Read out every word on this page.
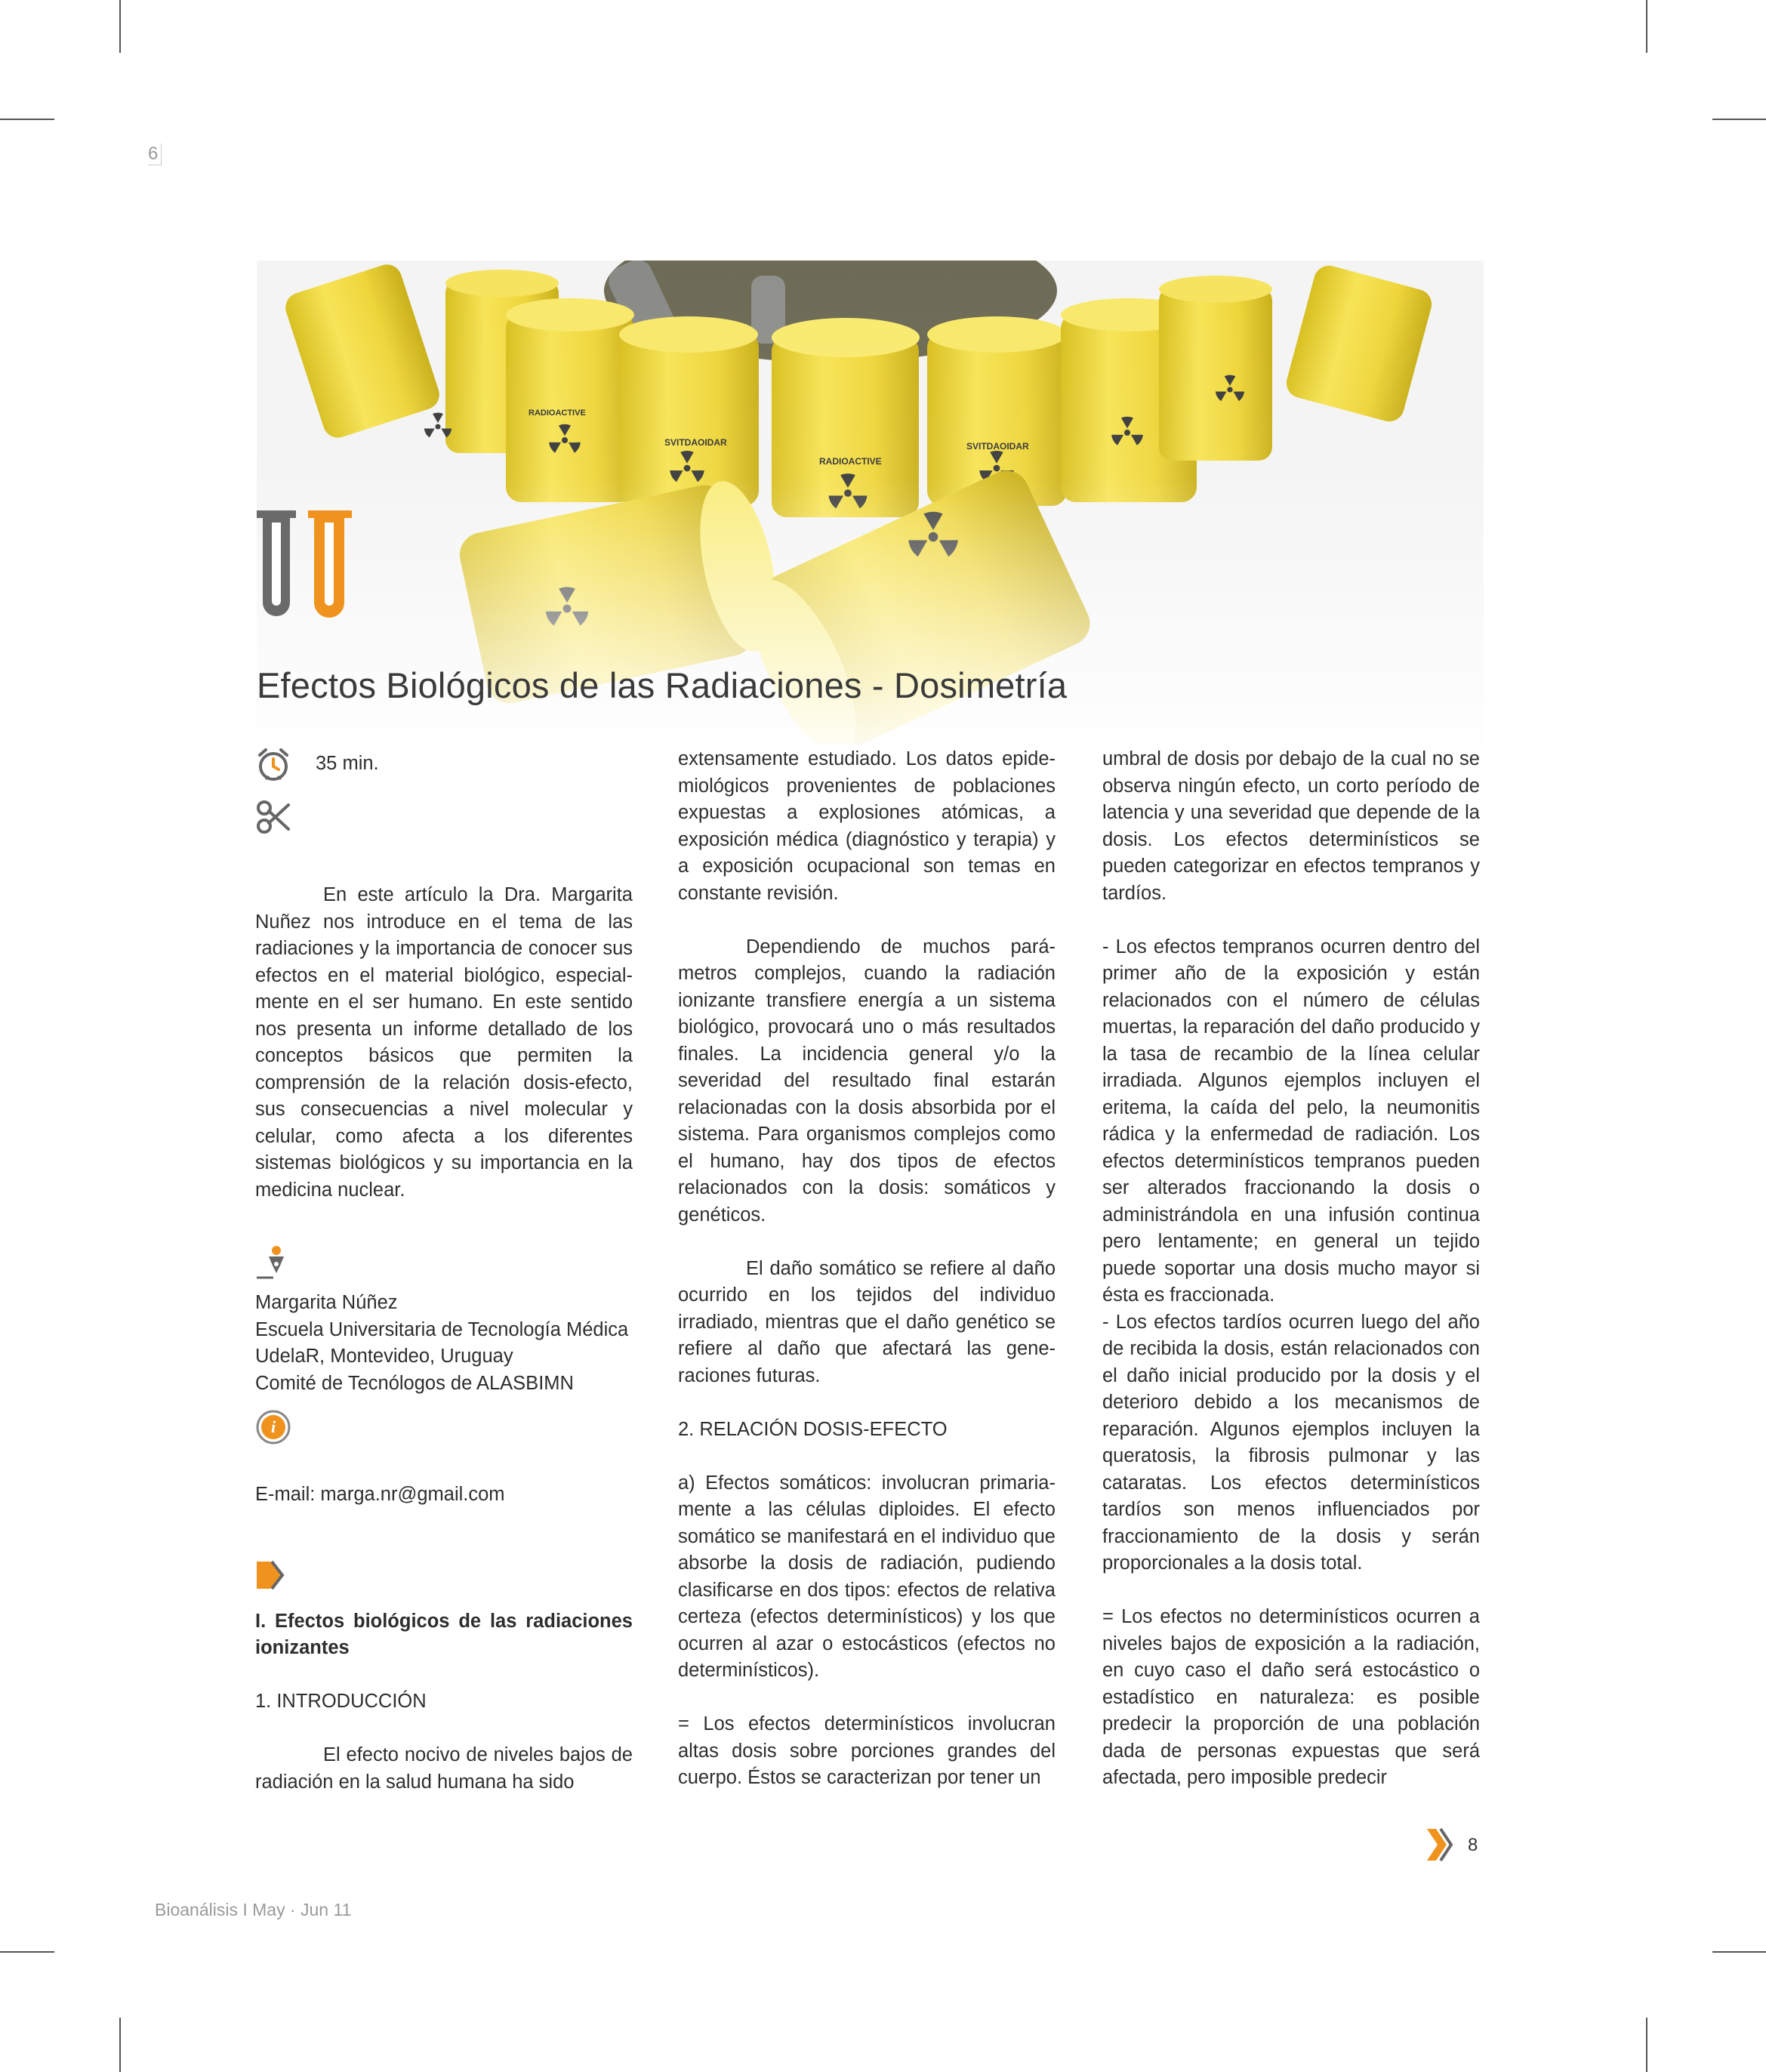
6
Efectos Biológicos de las Radiaciones - Dosimetría
35 min.

En este artículo la Dra. Margarita Nuñez nos introduce en el tema de las radiaciones y la importancia de conocer sus efectos en el material biológico, especial-mente en el ser humano. En este sentido nos presenta un informe detallado de los conceptos básicos que permiten la comprensión de la relación dosis-efecto, sus consecuencias a nivel molecular y celular, como afecta a los diferentes sistemas biológicos y su importancia en la medicina nuclear.

Margarita Núñez

Escuela Universitaria de Tecnología Médica

UdelaR, Montevideo, Uruguay

Comité de Tecnólogos de ALASBIMN

i

E-mail: marga.nr@gmail.com

I. Efectos biológicos de las radiaciones ionizantes

1. INTRODUCCIÓN

El efecto nocivo de niveles bajos de radiación en la salud humana ha sido

extensamente estudiado. Los datos epide-miológicos provenientes de poblaciones expuestas a explosiones atómicas, a exposición médica (diagnóstico y terapia) y a exposición ocupacional son temas en constante revisión.

Dependiendo de muchos pará-metros complejos, cuando la radiación ionizante transfiere energía a un sistema biológico, provocará uno o más resultados finales. La incidencia general y/o la severidad del resultado final estarán relacionadas con la dosis absorbida por el sistema. Para organismos complejos como el humano, hay dos tipos de efectos relacionados con la dosis: somáticos y genéticos.

El daño somático se refiere al daño ocurrido en los tejidos del individuo irradiado, mientras que el daño genético se refiere al daño que afectará las gene-raciones futuras.

2. RELACIÓN DOSIS-EFECTO

a) Efectos somáticos: involucran primaria-mente a las células diploides. El efecto somático se manifestará en el individuo que absorbe la dosis de radiación, pudiendo clasificarse en dos tipos: efectos de relativa certeza (efectos determinísticos) y los que ocurren al azar o estocásticos (efectos no determinísticos).

= Los efectos determinísticos involucran altas dosis sobre porciones grandes del cuerpo. Éstos se caracterizan por tener un

umbral de dosis por debajo de la cual no se observa ningún efecto, un corto período de latencia y una severidad que depende de la dosis. Los efectos determinísticos se pueden categorizar en efectos tempranos y tardíos.

- Los efectos tempranos ocurren dentro del primer año de la exposición y están relacionados con el número de células muertas, la reparación del daño producido y la tasa de recambio de la línea celular irradiada. Algunos ejemplos incluyen el eritema, la caída del pelo, la neumonitis rádica y la enfermedad de radiación. Los efectos determinísticos tempranos pueden ser alterados fraccionando la dosis o administrándola en una infusión continua pero lentamente; en general un tejido puede soportar una dosis mucho mayor si ésta es fraccionada.

- Los efectos tardíos ocurren luego del año de recibida la dosis, están relacionados con el daño inicial producido por la dosis y el deterioro debido a los mecanismos de reparación. Algunos ejemplos incluyen la queratosis, la fibrosis pulmonar y las cataratas. Los efectos determinísticos tardíos son menos influenciados por fraccionamiento de la dosis y serán proporcionales a la dosis total.

= Los efectos no determinísticos ocurren a niveles bajos de exposición a la radiación, en cuyo caso el daño será estocástico o estadístico en naturaleza: es posible predecir la proporción de una población dada de personas expuestas que será afectada, pero imposible predecir

8
Bioanálisis I May · Jun 11
